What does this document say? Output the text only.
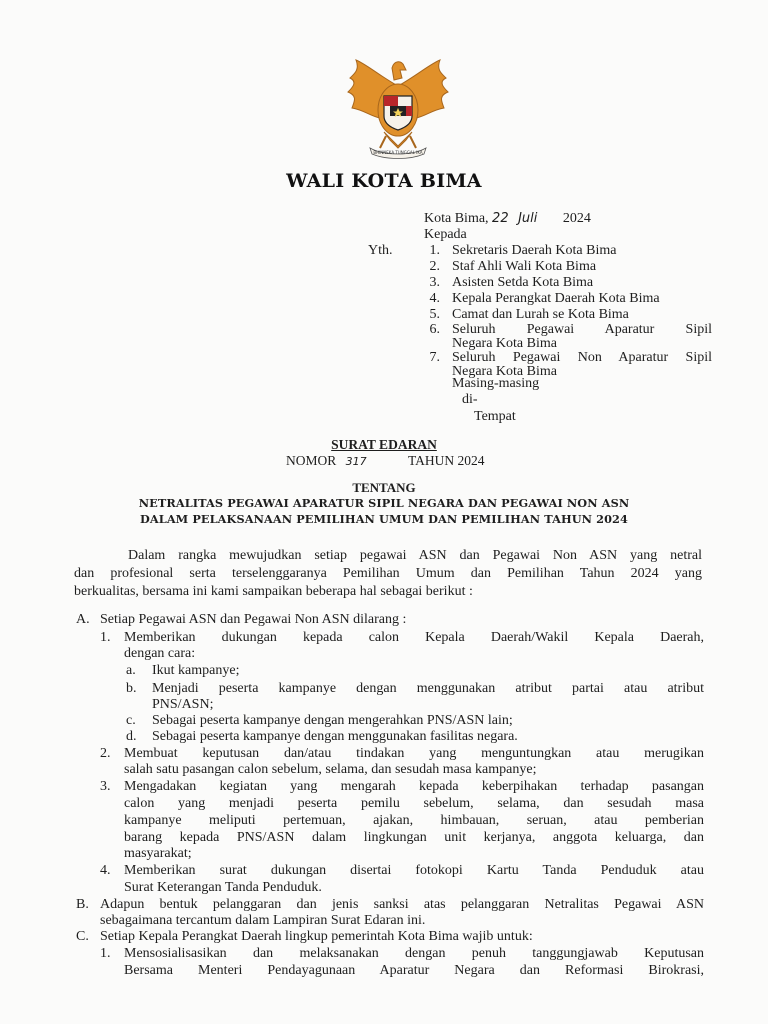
BHINNEKA TUNGGAL IKA
WALI KOTA BIMA
Kota Bima, 22 Juli 2024
Kepada
Yth.	1. Sekretaris Daerah Kota Bima
2. Staf Ahli Wali Kota Bima
3. Asisten Setda Kota Bima
4. Kepala Perangkat Daerah Kota Bima
5. Camat dan Lurah se Kota Bima
6. Seluruh Pegawai Aparatur Sipil
Negara Kota Bima
7. Seluruh Pegawai Non Aparatur Sipil
Negara Kota Bima
Masing-masing
di-
Tempat
SURAT EDARAN
NOMOR 317	TAHUN 2024
TENTANG
NETRALITAS PEGAWAI APARATUR SIPIL NEGARA DAN PEGAWAI NON ASN
DALAM PELAKSANAAN PEMILIHAN UMUM DAN PEMILIHAN TAHUN 2024
Dalam rangka mewujudkan setiap pegawai ASN dan Pegawai Non ASN yang netral
dan profesional serta terselenggaranya Pemilihan Umum dan Pemilihan Tahun 2024 yang
berkualitas, bersama ini kami sampaikan beberapa hal sebagai berikut :
A. Setiap Pegawai ASN dan Pegawai Non ASN dilarang :
1. Memberikan dukungan kepada calon Kepala Daerah/Wakil Kepala Daerah,
dengan cara:
a. Ikut kampanye;
b. Menjadi peserta kampanye dengan menggunakan atribut partai atau atribut
PNS/ASN;
c. Sebagai peserta kampanye dengan mengerahkan PNS/ASN lain;
d. Sebagai peserta kampanye dengan menggunakan fasilitas negara.
2. Membuat keputusan dan/atau tindakan yang menguntungkan atau merugikan
salah satu pasangan calon sebelum, selama, dan sesudah masa kampanye;
3. Mengadakan kegiatan yang mengarah kepada keberpihakan terhadap pasangan
calon yang menjadi peserta pemilu sebelum, selama, dan sesudah masa
kampanye meliputi pertemuan, ajakan, himbauan, seruan, atau pemberian
barang kepada PNS/ASN dalam lingkungan unit kerjanya, anggota keluarga, dan
masyarakat;
4. Memberikan surat dukungan disertai fotokopi Kartu Tanda Penduduk atau
Surat Keterangan Tanda Penduduk.
B. Adapun bentuk pelanggaran dan jenis sanksi atas pelanggaran Netralitas Pegawai ASN
sebagaimana tercantum dalam Lampiran Surat Edaran ini.
C. Setiap Kepala Perangkat Daerah lingkup pemerintah Kota Bima wajib untuk:
1. Mensosialisasikan dan melaksanakan dengan penuh tanggungjawab Keputusan
Bersama Menteri Pendayagunaan Aparatur Negara dan Reformasi Birokrasi,
